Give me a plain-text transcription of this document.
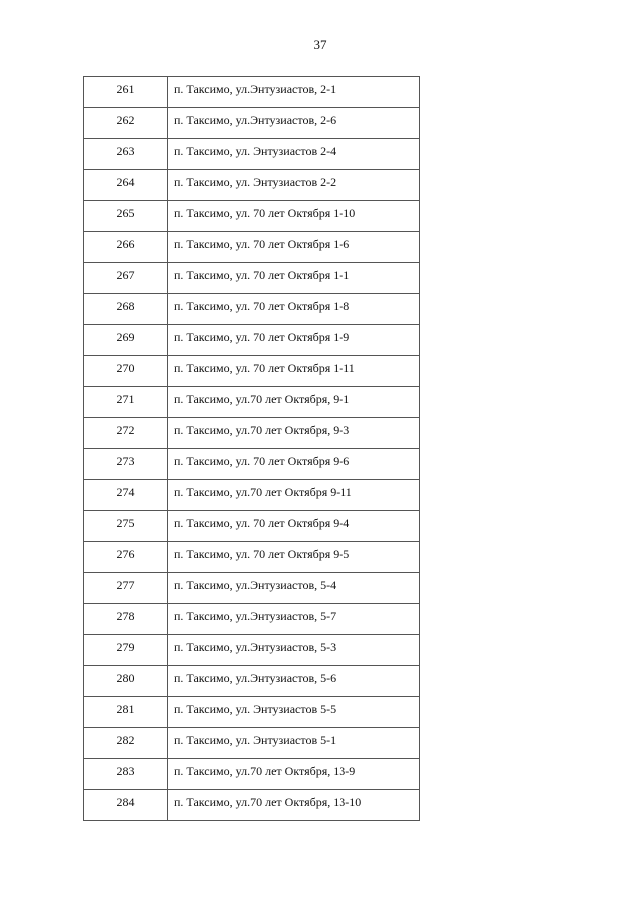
37
261	п. Таксимо, ул.Энтузиастов, 2-1
262	п. Таксимо, ул.Энтузиастов, 2-6
263	п. Таксимо, ул. Энтузиастов 2-4
264	п. Таксимо, ул. Энтузиастов 2-2
265	п. Таксимо, ул. 70 лет Октября 1-10
266	п. Таксимо, ул. 70 лет Октября 1-6
267	п. Таксимо, ул. 70 лет Октября 1-1
268	п. Таксимо, ул. 70 лет Октября 1-8
269	п. Таксимо, ул. 70 лет Октября 1-9
270	п. Таксимо, ул. 70 лет Октября 1-11
271	п. Таксимо, ул.70 лет Октября, 9-1
272	п. Таксимо, ул.70 лет Октября, 9-3
273	п. Таксимо, ул. 70 лет Октября 9-6
274	п. Таксимо, ул.70 лет Октября 9-11
275	п. Таксимо, ул. 70 лет Октября 9-4
276	п. Таксимо, ул. 70 лет Октября 9-5
277	п. Таксимо, ул.Энтузиастов, 5-4
278	п. Таксимо, ул.Энтузиастов, 5-7
279	п. Таксимо, ул.Энтузиастов, 5-3
280	п. Таксимо, ул.Энтузиастов, 5-6
281	п. Таксимо, ул. Энтузиастов 5-5
282	п. Таксимо, ул. Энтузиастов 5-1
283	п. Таксимо, ул.70 лет Октября, 13-9
284	п. Таксимо, ул.70 лет Октября, 13-10
